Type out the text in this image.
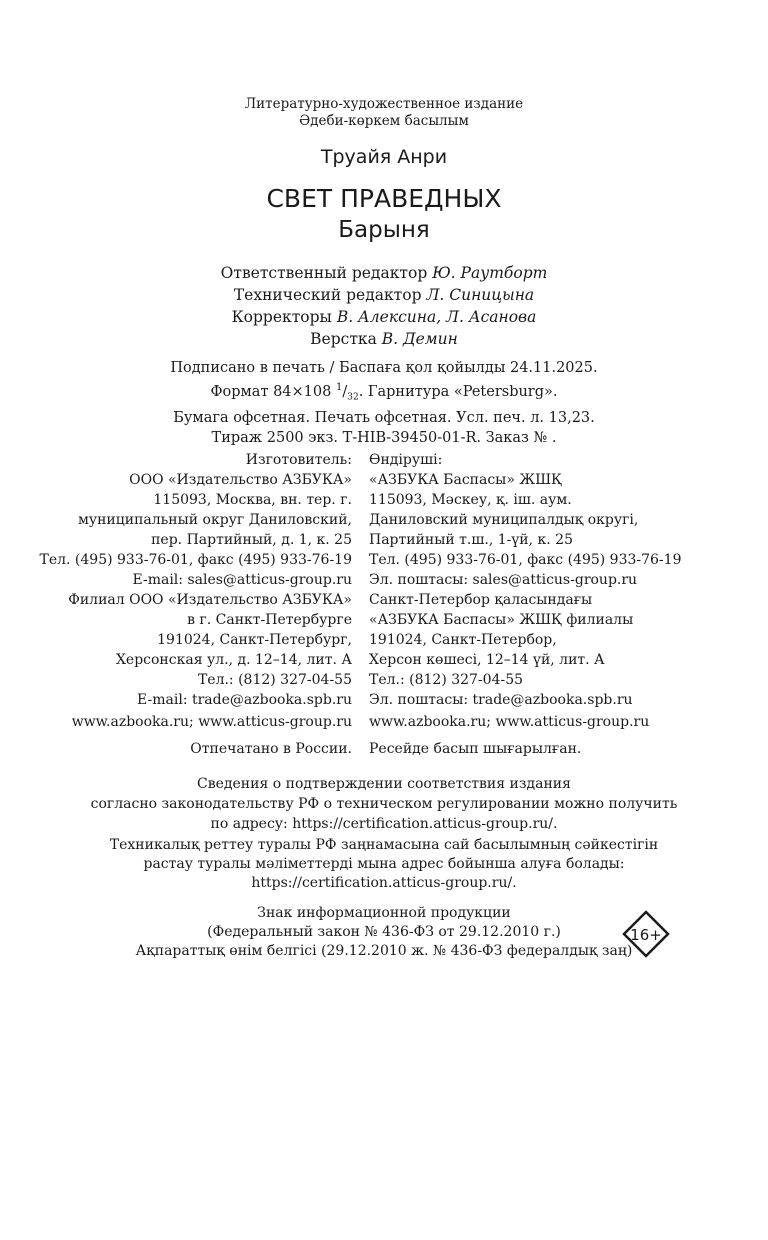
Литературно-художественное издание
Әдеби-көркем басылым
Труайя Анри
СВЕТ ПРАВЕДНЫХ
Барыня
Ответственный редактор Ю. Раутборт
Технический редактор Л. Синицына
Корректоры В. Алексина, Л. Асанова
Верстка В. Демин
Подписано в печать / Баспаға қол қойылды 24.11.2025.
Формат 84×108 $^1/_{32}$. Гарнитура «Petersburg».
Бумага офсетная. Печать офсетная. Усл. печ. л. 13,23.
Тираж 2500 экз. Т-НІВ-39450-01-R. Заказ № .
Изготовитель:
ООО «Издательство АЗБУКА»
115093, Москва, вн. тер. г.
муниципальный округ Даниловский,
пер. Партийный, д. 1, к. 25
Тел. (495) 933-76-01, факс (495) 933-76-19
E-mail: sales@atticus-group.ru
Өндіруші:
«АЗБУКА Баспасы» ЖШҚ
115093, Мәскеу, қ. іш. аум.
Даниловский муниципалдық округі,
Партийный т.ш., 1-үй, к. 25
Тел. (495) 933-76-01, факс (495) 933-76-19
Эл. поштасы: sales@atticus-group.ru
Филиал ООО «Издательство АЗБУКА»
в г. Санкт-Петербурге
191024, Санкт-Петербург,
Херсонская ул., д. 12–14, лит. А
Тел.: (812) 327-04-55
E-mail: trade@azbooka.spb.ru
Санкт-Петербор қаласындағы
«АЗБУКА Баспасы» ЖШҚ филиалы
191024, Санкт-Петербор,
Херсон көшесі, 12–14 үй, лит. А
Тел.: (812) 327-04-55
Эл. поштасы: trade@azbooka.spb.ru
www.azbooka.ru; www.atticus-group.ru www.azbooka.ru; www.atticus-group.ru
Отпечатано в России. Ресейде басып шығарылған.
Сведения о подтверждении соответствия издания
согласно законодательству РФ о техническом регулировании можно получить
по адресу: https://certification.atticus-group.ru/.
Техникалық реттеу туралы РФ заңнамасына сай басылымның сәйкестігін
растау туралы мәліметтерді мына адрес бойынша алуға болады:
https://certification.atticus-group.ru/.
Знак информационной продукции
(Федеральный закон № 436-ФЗ от 29.12.2010 г.)
Ақпараттық өнім белгісі (29.12.2010 ж. № 436-ФЗ федералдық заң)
16+
